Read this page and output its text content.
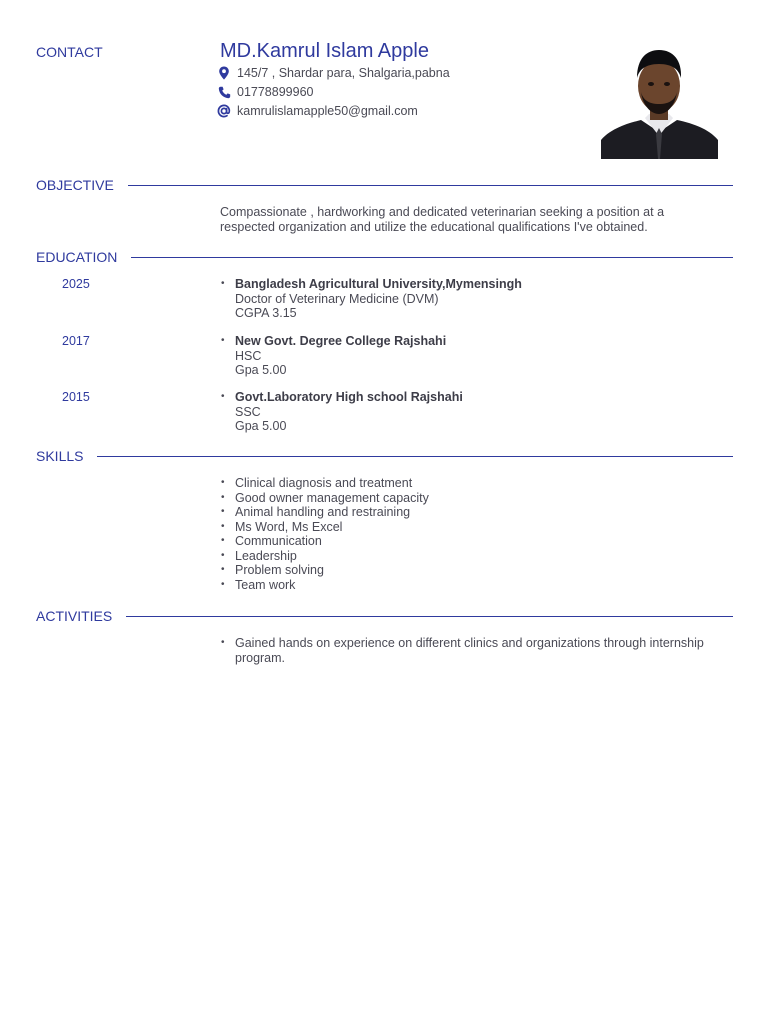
CONTACT	MD.Kamrul Islam Apple
145/7 , Shardar para, Shalgaria,pabna
01778899960
kamrulislamapple50@gmail.com
OBJECTIVE
Compassionate , hardworking and dedicated veterinarian seeking a position at a respected organization and utilize the educational qualifications I've obtained.
EDUCATION
2025	• Bangladesh Agricultural University,Mymensingh
Doctor of Veterinary Medicine (DVM)
CGPA 3.15
2017	• New Govt. Degree College Rajshahi
HSC
Gpa 5.00
2015	• Govt.Laboratory High school Rajshahi
SSC
Gpa 5.00
SKILLS
• Clinical diagnosis and treatment
• Good owner management capacity
• Animal handling and restraining
• Ms Word, Ms Excel
• Communication
• Leadership
• Problem solving
• Team work
ACTIVITIES
• Gained hands on experience on different clinics and organizations through internship program.
